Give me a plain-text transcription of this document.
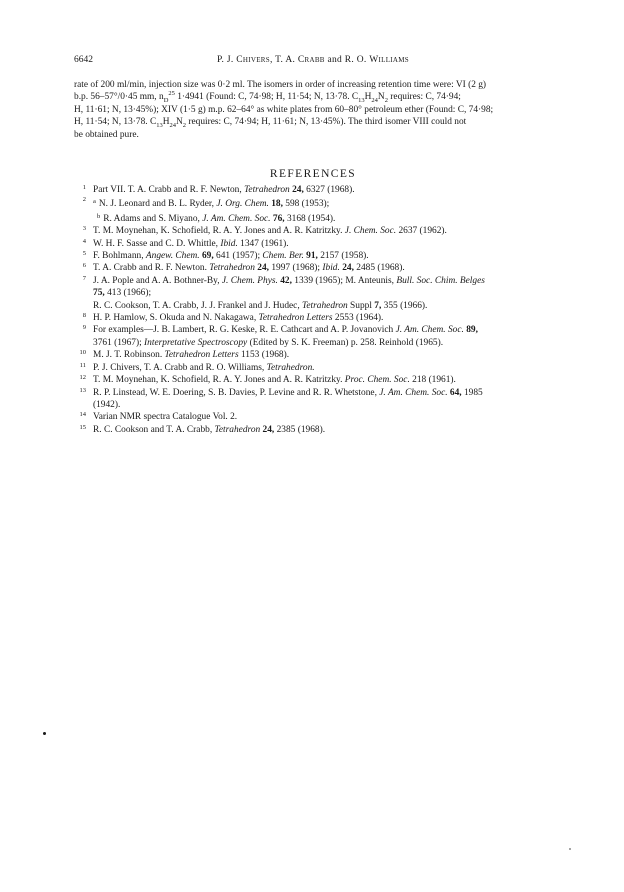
6642	P. J. Chivers, T. A. Crabb and R. O. Williams
rate of 200 ml/min, injection size was 0·2 ml. The isomers in order of increasing retention time were: VI (2 g)
b.p. 56–57°/0·45 mm, $n_D^{25}$ 1·4941 (Found: C, 74·98; H, 11·54; N, 13·78. $C_{13}H_{24}N_2$ requires: C, 74·94;
H, 11·61; N, 13·45%); XIV (1·5 g) m.p. 62–64° as white plates from 60–80° petroleum ether (Found: C, 74·98;
H, 11·54; N, 13·78. $C_{13}H_{24}N_2$ requires: C, 74·94; H, 11·61; N, 13·45%). The third isomer VIII could not
be obtained pure.
REFERENCES
1 Part VII. T. A. Crabb and R. F. Newton, Tetrahedron 24, 6327 (1968).
2 $^a$ N. J. Leonard and B. L. Ryder, J. Org. Chem. 18, 598 (1953);
$^b$ R. Adams and S. Miyano, J. Am. Chem. Soc. 76, 3168 (1954).
3 T. M. Moynehan, K. Schofield, R. A. Y. Jones and A. R. Katritzky. J. Chem. Soc. 2637 (1962).
4 W. H. F. Sasse and C. D. Whittle, Ibid. 1347 (1961).
5 F. Bohlmann, Angew. Chem. 69, 641 (1957); Chem. Ber. 91, 2157 (1958).
6 T. A. Crabb and R. F. Newton. Tetrahedron 24, 1997 (1968); Ibid. 24, 2485 (1968).
7 J. A. Pople and A. A. Bothner-By, J. Chem. Phys. 42, 1339 (1965); M. Anteunis, Bull. Soc. Chim. Belges
75, 413 (1966);
R. C. Cookson, T. A. Crabb, J. J. Frankel and J. Hudec, Tetrahedron Suppl 7, 355 (1966).
8 H. P. Hamlow, S. Okuda and N. Nakagawa, Tetrahedron Letters 2553 (1964).
9 For examples—J. B. Lambert, R. G. Keske, R. E. Cathcart and A. P. Jovanovich J. Am. Chem. Soc. 89,
3761 (1967); Interpretative Spectroscopy (Edited by S. K. Freeman) p. 258. Reinhold (1965).
10 M. J. T. Robinson. Tetrahedron Letters 1153 (1968).
11 P. J. Chivers, T. A. Crabb and R. O. Williams, Tetrahedron.
12 T. M. Moynehan, K. Schofield, R. A. Y. Jones and A. R. Katritzky. Proc. Chem. Soc. 218 (1961).
13 R. P. Linstead, W. E. Doering, S. B. Davies, P. Levine and R. R. Whetstone, J. Am. Chem. Soc. 64, 1985
(1942).
14 Varian NMR spectra Catalogue Vol. 2.
15 R. C. Cookson and T. A. Crabb, Tetrahedron 24, 2385 (1968).
